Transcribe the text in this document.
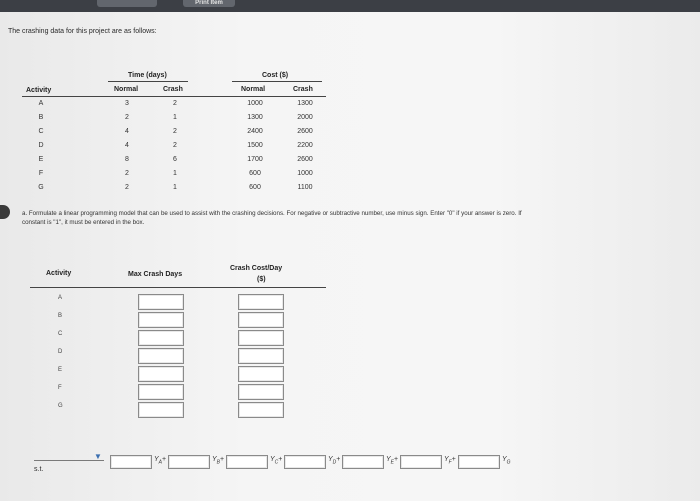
Print Item
The crashing data for this project are as follows:
Time (days)	Cost ($)
Activity	Normal	Crash	Normal	Crash
A	3	2	1000	1300
B	2	1	1300	2000
C	4	2	2400	2600
D	4	2	1500	2200
E	8	6	1700	2600
F	2	1	600	1000
G	2	1	600	1100
a. Formulate a linear programming model that can be used to assist with the crashing decisions. For negative or subtractive number, use minus sign. Enter "0" if your answer is zero. If
constant is "1", it must be entered in the box.
Activity	Max Crash Days
Crash Cost/Day
($)
A
B
C
D
E
F
G
▼	$Y_A+$	$Y_B+$	$Y_C+$	$Y_D+$	$Y_E+$	$Y_F+$	$Y_G$
s.t.
